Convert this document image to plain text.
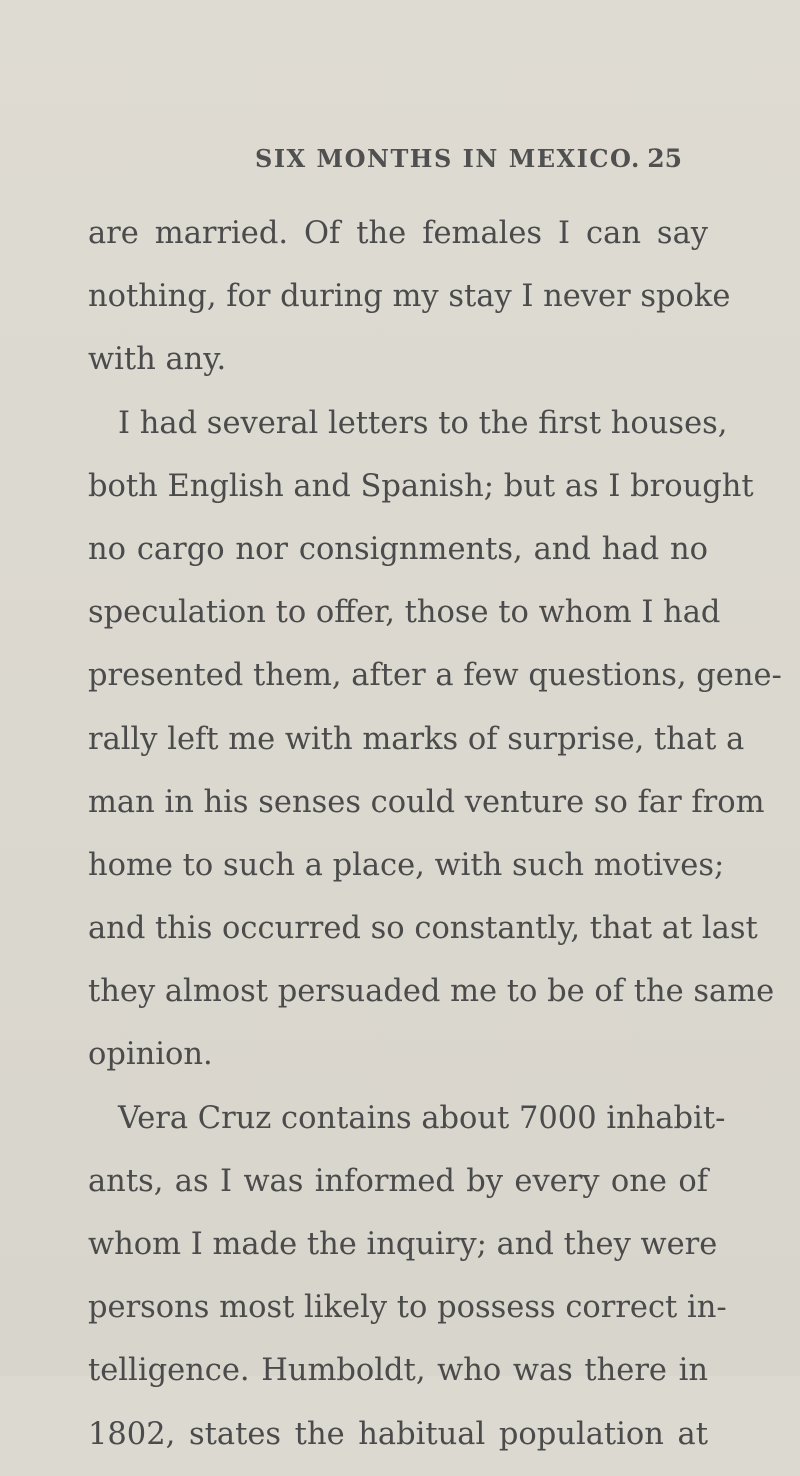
SIX MONTHS IN MEXICO. 25
are married. Of the females I can say
nothing, for during my stay I never spoke
with any.
I had several letters to the first houses,
both English and Spanish; but as I brought
no cargo nor consignments, and had no
speculation to offer, those to whom I had
presented them, after a few questions, gene-
rally left me with marks of surprise, that a
man in his senses could venture so far from
home to such a place, with such motives;
and this occurred so constantly, that at last
they almost persuaded me to be of the same
opinion.
Vera Cruz contains about 7000 inhabit-
ants, as I was informed by every one of
whom I made the inquiry; and they were
persons most likely to possess correct in-
telligence. Humboldt, who was there in
1802, states the habitual population at
